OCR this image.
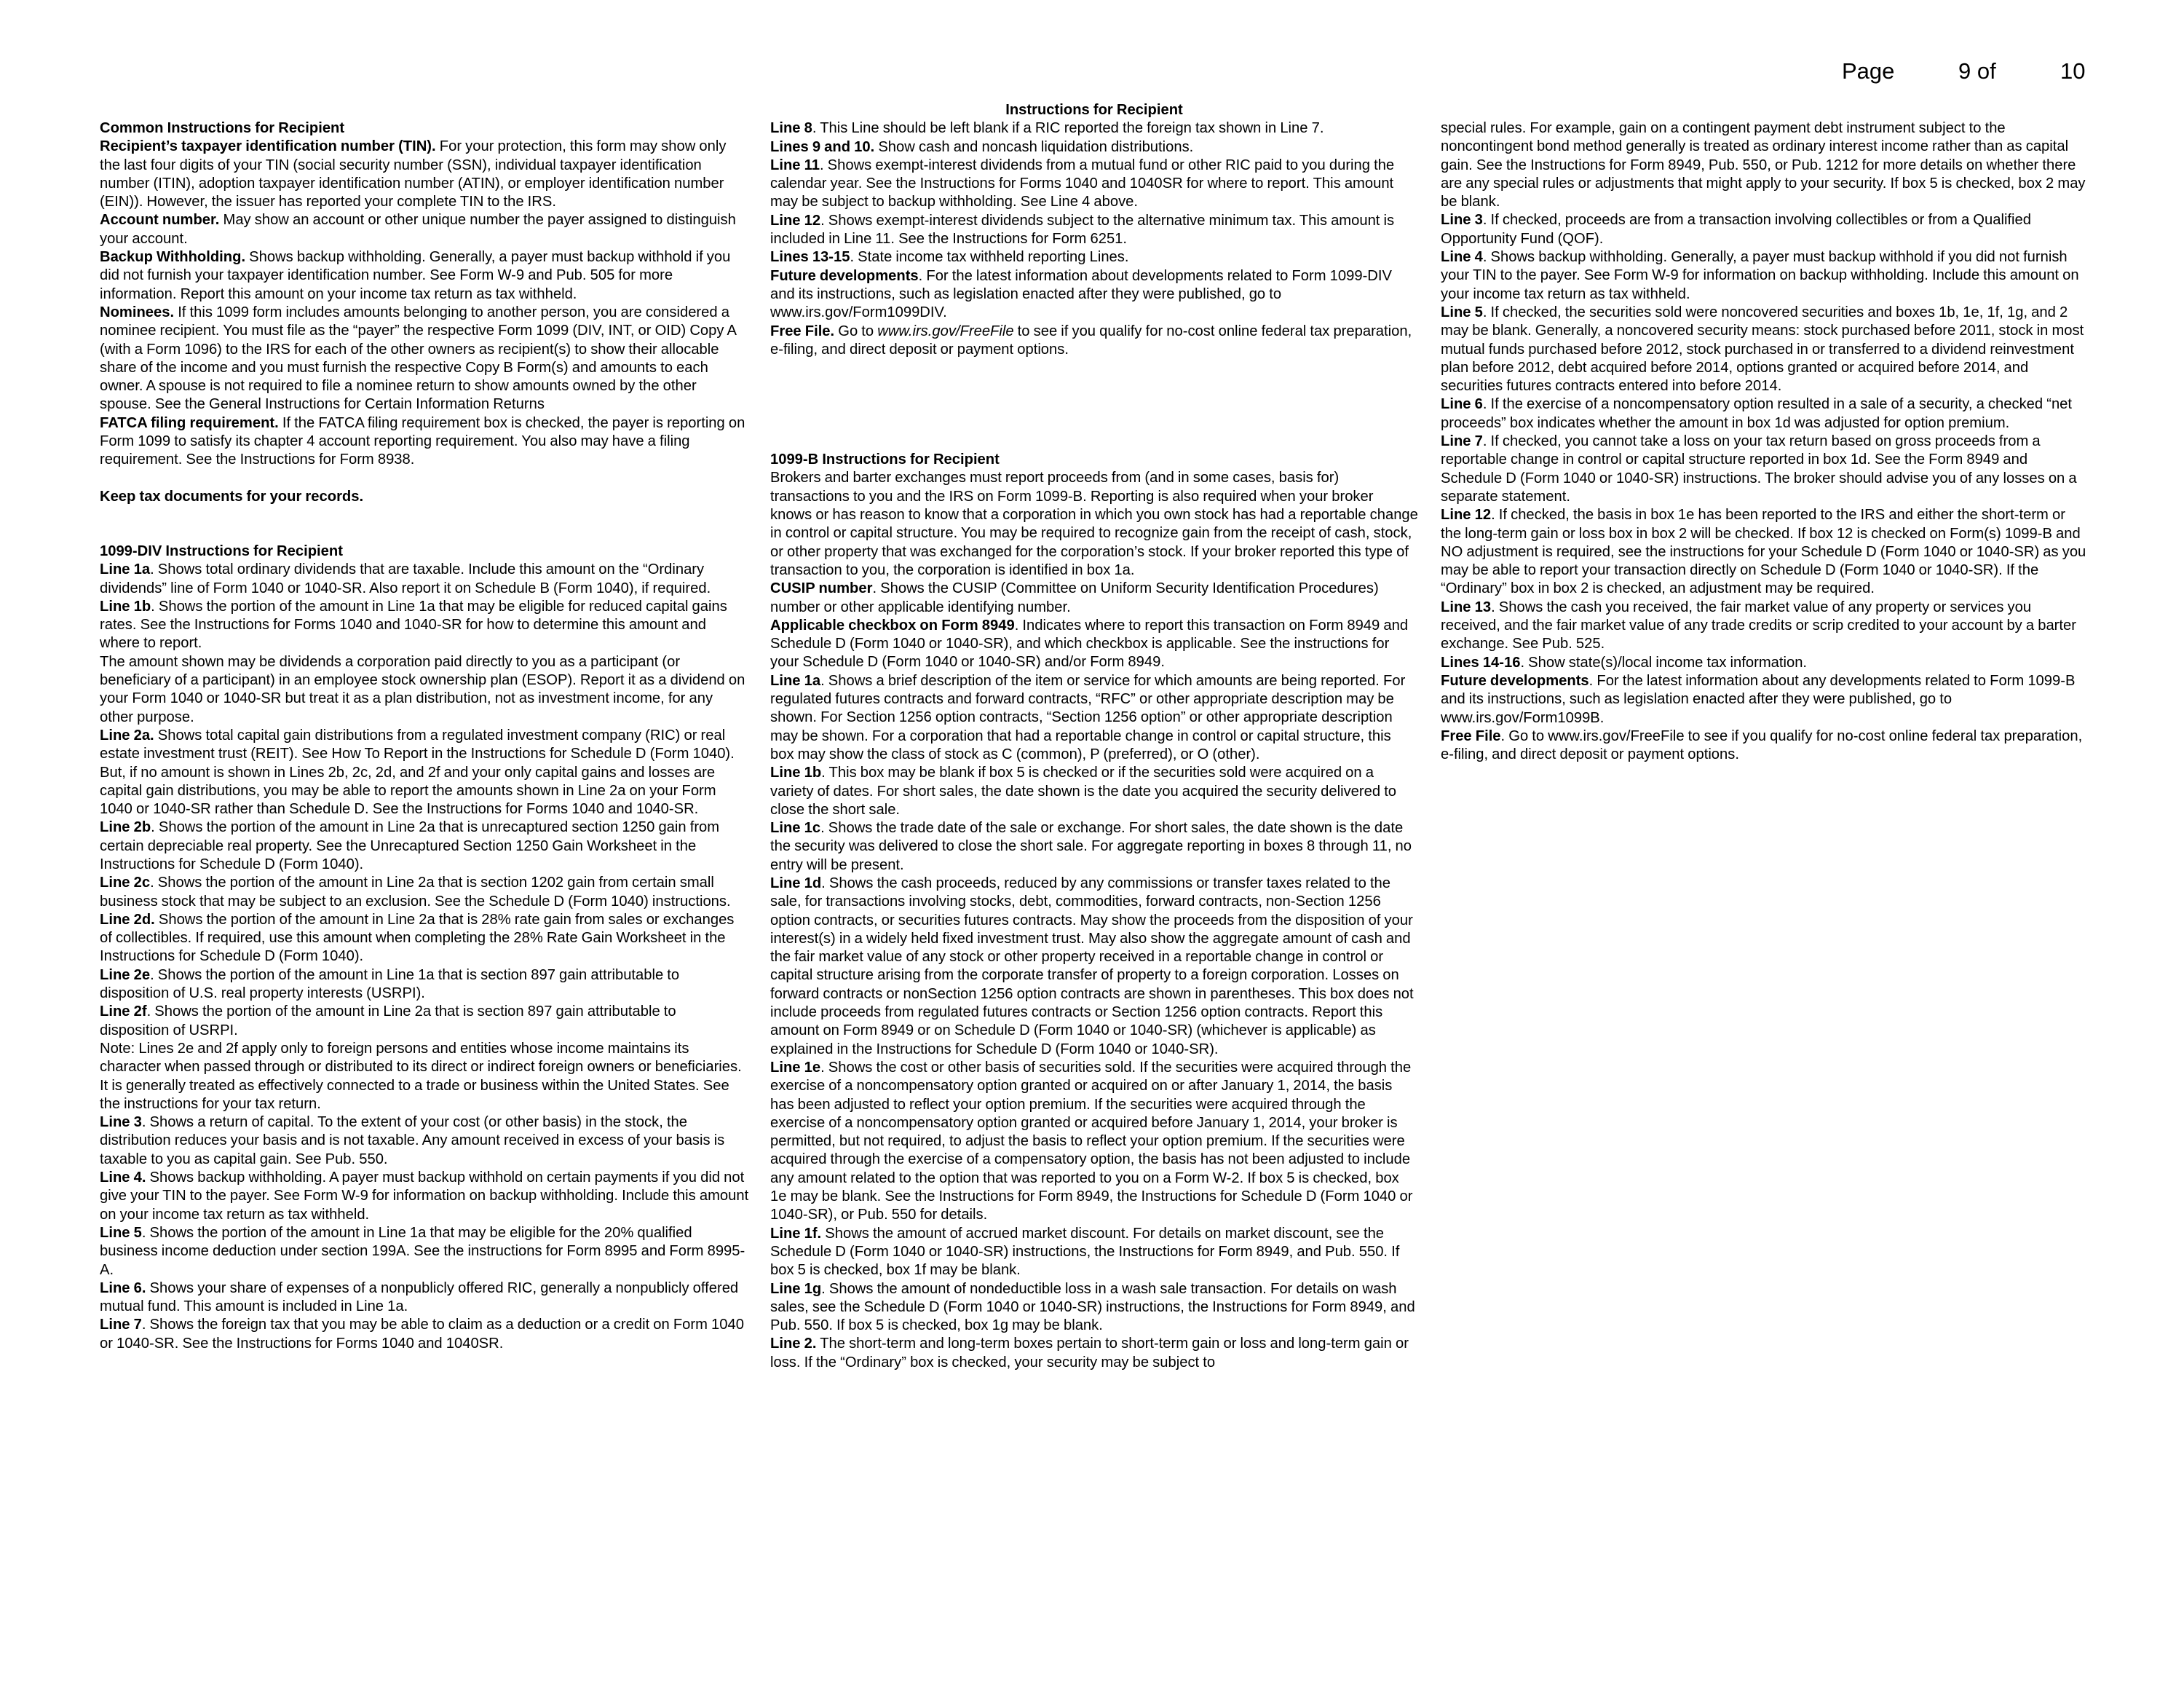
Page	9 of	10

Common Instructions for Recipient

Recipient’s taxpayer identification number (TIN). For your protection, this form may show only the last four digits of your TIN (social security number (SSN), individual taxpayer identification number (ITIN), adoption taxpayer identification number (ATIN), or employer identification number (EIN)). However, the issuer has reported your complete TIN to the IRS.

Account number. May show an account or other unique number the payer assigned to distinguish your account.

Backup Withholding. Shows backup withholding. Generally, a payer must backup withhold if you did not furnish your taxpayer identification number. See Form W-9 and Pub. 505 for more information. Report this amount on your income tax return as tax withheld.

Nominees. If this 1099 form includes amounts belonging to another person, you are considered a nominee recipient. You must file as the “payer” the respective Form 1099 (DIV, INT, or OID) Copy A (with a Form 1096) to the IRS for each of the other owners as recipient(s) to show their allocable share of the income and you must furnish the respective Copy B Form(s) and amounts to each owner. A spouse is not required to file a nominee return to show amounts owned by the other spouse. See the General Instructions for Certain Information Returns

FATCA filing requirement. If the FATCA filing requirement box is checked, the payer is reporting on Form 1099 to satisfy its chapter 4 account reporting requirement. You also may have a filing requirement. See the Instructions for Form 8938.

Keep tax documents for your records.

1099-DIV Instructions for Recipient

Line 1a. Shows total ordinary dividends that are taxable. Include this amount on the “Ordinary dividends” line of Form 1040 or 1040-SR. Also report it on Schedule B (Form 1040), if required.

Line 1b. Shows the portion of the amount in Line 1a that may be eligible for reduced capital gains rates. See the Instructions for Forms 1040 and 1040-SR for how to determine this amount and where to report.

The amount shown may be dividends a corporation paid directly to you as a participant (or beneficiary of a participant) in an employee stock ownership plan (ESOP). Report it as a dividend on your Form 1040 or 1040-SR but treat it as a plan distribution, not as investment income, for any other purpose.

Line 2a. Shows total capital gain distributions from a regulated investment company (RIC) or real estate investment trust (REIT). See How To Report in the Instructions for Schedule D (Form 1040). But, if no amount is shown in Lines 2b, 2c, 2d, and 2f and your only capital gains and losses are capital gain distributions, you may be able to report the amounts shown in Line 2a on your Form 1040 or 1040-SR rather than Schedule D. See the Instructions for Forms 1040 and 1040-SR.

Line 2b. Shows the portion of the amount in Line 2a that is unrecaptured section 1250 gain from certain depreciable real property. See the Unrecaptured Section 1250 Gain Worksheet in the Instructions for Schedule D (Form 1040).

Line 2c. Shows the portion of the amount in Line 2a that is section 1202 gain from certain small business stock that may be subject to an exclusion. See the Schedule D (Form 1040) instructions.

Line 2d. Shows the portion of the amount in Line 2a that is 28% rate gain from sales or exchanges of collectibles. If required, use this amount when completing the 28% Rate Gain Worksheet in the Instructions for Schedule D (Form 1040).

Line 2e. Shows the portion of the amount in Line 1a that is section 897 gain attributable to disposition of U.S. real property interests (USRPI).

Line 2f. Shows the portion of the amount in Line 2a that is section 897 gain attributable to disposition of USRPI.

Note: Lines 2e and 2f apply only to foreign persons and entities whose income maintains its character when passed through or distributed to its direct or indirect foreign owners or beneficiaries. It is generally treated as effectively connected to a trade or business within the United States. See the instructions for your tax return.

Line 3. Shows a return of capital. To the extent of your cost (or other basis) in the stock, the distribution reduces your basis and is not taxable. Any amount received in excess of your basis is taxable to you as capital gain. See Pub. 550.

Line 4. Shows backup withholding. A payer must backup withhold on certain payments if you did not give your TIN to the payer. See Form W-9 for information on backup withholding. Include this amount on your income tax return as tax withheld.

Line 5. Shows the portion of the amount in Line 1a that may be eligible for the 20% qualified business income deduction under section 199A. See the instructions for Form 8995 and Form 8995-A.

Line 6. Shows your share of expenses of a nonpublicly offered RIC, generally a nonpublicly offered mutual fund. This amount is included in Line 1a.

Line 7. Shows the foreign tax that you may be able to claim as a deduction or a credit on Form 1040 or 1040-SR. See the Instructions for Forms 1040 and 1040SR.

Instructions for Recipient

Line 8. This Line should be left blank if a RIC reported the foreign tax shown in Line 7.

Lines 9 and 10. Show cash and noncash liquidation distributions.

Line 11. Shows exempt-interest dividends from a mutual fund or other RIC paid to you during the calendar year. See the Instructions for Forms 1040 and 1040SR for where to report. This amount may be subject to backup withholding. See Line 4 above.

Line 12. Shows exempt-interest dividends subject to the alternative minimum tax. This amount is included in Line 11. See the Instructions for Form 6251.

Lines 13-15. State income tax withheld reporting Lines.

Future developments. For the latest information about developments related to Form 1099-DIV and its instructions, such as legislation enacted after they were published, go to www.irs.gov/Form1099DIV.

Free File. Go to www.irs.gov/FreeFile to see if you qualify for no-cost online federal tax preparation, e-filing, and direct deposit or payment options.

1099-B Instructions for Recipient

Brokers and barter exchanges must report proceeds from (and in some cases, basis for) transactions to you and the IRS on Form 1099-B. Reporting is also required when your broker knows or has reason to know that a corporation in which you own stock has had a reportable change in control or capital structure. You may be required to recognize gain from the receipt of cash, stock, or other property that was exchanged for the corporation’s stock. If your broker reported this type of transaction to you, the corporation is identified in box 1a.

CUSIP number. Shows the CUSIP (Committee on Uniform Security Identification Procedures) number or other applicable identifying number.

Applicable checkbox on Form 8949. Indicates where to report this transaction on Form 8949 and Schedule D (Form 1040 or 1040-SR), and which checkbox is applicable. See the instructions for your Schedule D (Form 1040 or 1040-SR) and/or Form 8949.

Line 1a. Shows a brief description of the item or service for which amounts are being reported. For regulated futures contracts and forward contracts, “RFC” or other appropriate description may be shown. For Section 1256 option contracts, “Section 1256 option” or other appropriate description may be shown. For a corporation that had a reportable change in control or capital structure, this box may show the class of stock as C (common), P (preferred), or O (other).

Line 1b. This box may be blank if box 5 is checked or if the securities sold were acquired on a variety of dates. For short sales, the date shown is the date you acquired the security delivered to close the short sale.

Line 1c. Shows the trade date of the sale or exchange. For short sales, the date shown is the date the security was delivered to close the short sale. For aggregate reporting in boxes 8 through 11, no entry will be present.

Line 1d. Shows the cash proceeds, reduced by any commissions or transfer taxes related to the sale, for transactions involving stocks, debt, commodities, forward contracts, non-Section 1256 option contracts, or securities futures contracts. May show the proceeds from the disposition of your interest(s) in a widely held fixed investment trust. May also show the aggregate amount of cash and the fair market value of any stock or other property received in a reportable change in control or capital structure arising from the corporate transfer of property to a foreign corporation. Losses on forward contracts or nonSection 1256 option contracts are shown in parentheses. This box does not include proceeds from regulated futures contracts or Section 1256 option contracts. Report this amount on Form 8949 or on Schedule D (Form 1040 or 1040-SR) (whichever is applicable) as explained in the Instructions for Schedule D (Form 1040 or 1040-SR).

Line 1e. Shows the cost or other basis of securities sold. If the securities were acquired through the exercise of a noncompensatory option granted or acquired on or after January 1, 2014, the basis has been adjusted to reflect your option premium. If the securities were acquired through the exercise of a noncompensatory option granted or acquired before January 1, 2014, your broker is permitted, but not required, to adjust the basis to reflect your option premium. If the securities were acquired through the exercise of a compensatory option, the basis has not been adjusted to include any amount related to the option that was reported to you on a Form W-2. If box 5 is checked, box 1e may be blank. See the Instructions for Form 8949, the Instructions for Schedule D (Form 1040 or 1040-SR), or Pub. 550 for details.

Line 1f. Shows the amount of accrued market discount. For details on market discount, see the Schedule D (Form 1040 or 1040-SR) instructions, the Instructions for Form 8949, and Pub. 550. If box 5 is checked, box 1f may be blank.

Line 1g. Shows the amount of nondeductible loss in a wash sale transaction. For details on wash sales, see the Schedule D (Form 1040 or 1040-SR) instructions, the Instructions for Form 8949, and Pub. 550. If box 5 is checked, box 1g may be blank.

Line 2. The short-term and long-term boxes pertain to short-term gain or loss and long-term gain or loss. If the “Ordinary” box is checked, your security may be subject to

special rules. For example, gain on a contingent payment debt instrument subject to the noncontingent bond method generally is treated as ordinary interest income rather than as capital gain. See the Instructions for Form 8949, Pub. 550, or Pub. 1212 for more details on whether there are any special rules or adjustments that might apply to your security. If box 5 is checked, box 2 may be blank.

Line 3. If checked, proceeds are from a transaction involving collectibles or from a Qualified Opportunity Fund (QOF).

Line 4. Shows backup withholding. Generally, a payer must backup withhold if you did not furnish your TIN to the payer. See Form W-9 for information on backup withholding. Include this amount on your income tax return as tax withheld.

Line 5. If checked, the securities sold were noncovered securities and boxes 1b, 1e, 1f, 1g, and 2 may be blank. Generally, a noncovered security means: stock purchased before 2011, stock in most mutual funds purchased before 2012, stock purchased in or transferred to a dividend reinvestment plan before 2012, debt acquired before 2014, options granted or acquired before 2014, and securities futures contracts entered into before 2014.

Line 6. If the exercise of a noncompensatory option resulted in a sale of a security, a checked “net proceeds” box indicates whether the amount in box 1d was adjusted for option premium.

Line 7. If checked, you cannot take a loss on your tax return based on gross proceeds from a reportable change in control or capital structure reported in box 1d. See the Form 8949 and Schedule D (Form 1040 or 1040-SR) instructions. The broker should advise you of any losses on a separate statement.

Line 12. If checked, the basis in box 1e has been reported to the IRS and either the short-term or the long-term gain or loss box in box 2 will be checked. If box 12 is checked on Form(s) 1099-B and NO adjustment is required, see the instructions for your Schedule D (Form 1040 or 1040-SR) as you may be able to report your transaction directly on Schedule D (Form 1040 or 1040-SR). If the “Ordinary” box in box 2 is checked, an adjustment may be required.

Line 13. Shows the cash you received, the fair market value of any property or services you received, and the fair market value of any trade credits or scrip credited to your account by a barter exchange. See Pub. 525.

Lines 14-16. Show state(s)/local income tax information.

Future developments. For the latest information about any developments related to Form 1099-B and its instructions, such as legislation enacted after they were published, go to www.irs.gov/Form1099B.

Free File. Go to www.irs.gov/FreeFile to see if you qualify for no-cost online federal tax preparation, e-filing, and direct deposit or payment options.
